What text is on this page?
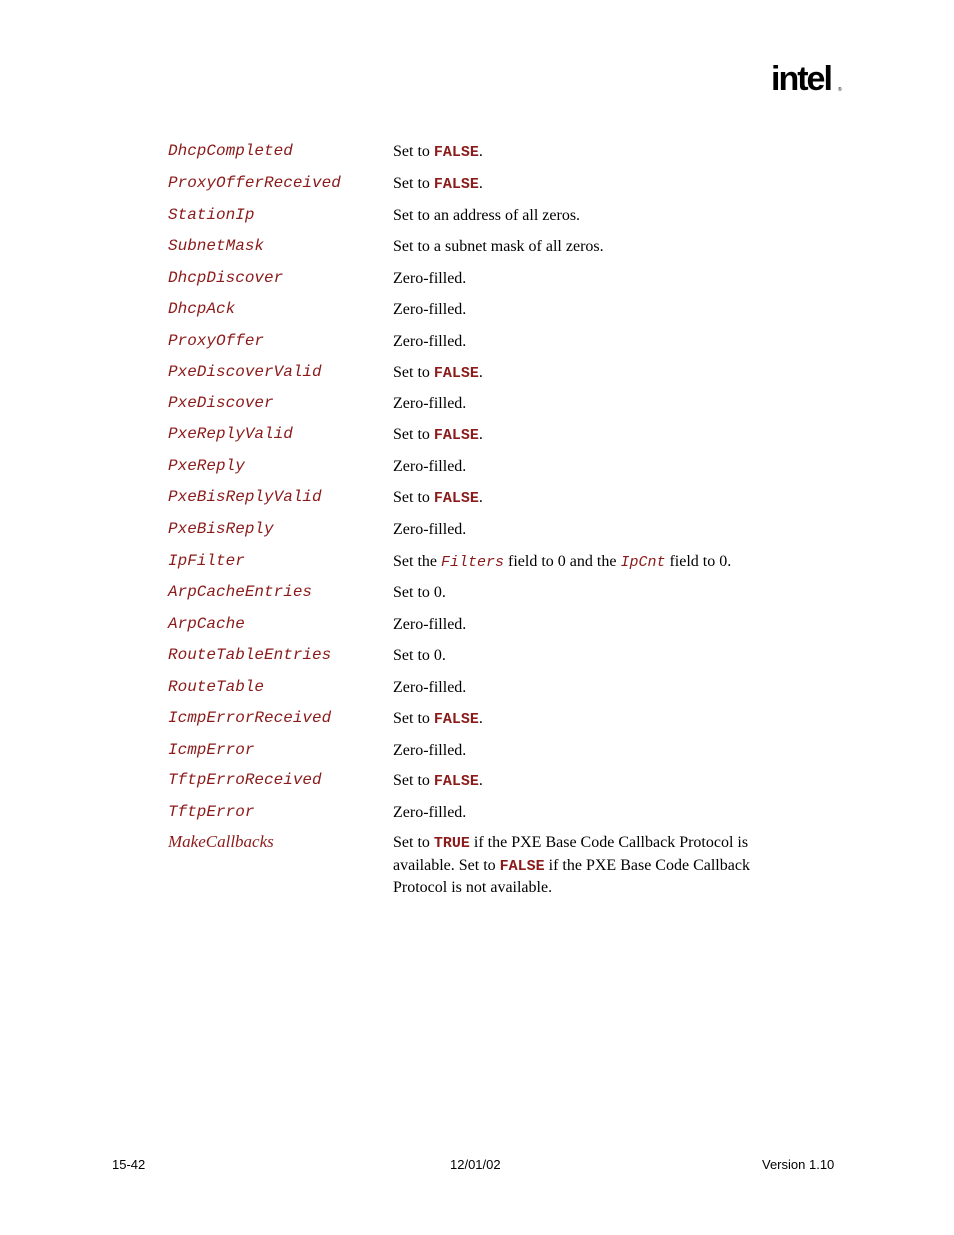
intel ®
DhcpCompleted	Set to FALSE.
ProxyOfferReceived	Set to FALSE.
StationIp	Set to an address of all zeros.
SubnetMask	Set to a subnet mask of all zeros.
DhcpDiscover	Zero-filled.
DhcpAck	Zero-filled.
ProxyOffer	Zero-filled.
PxeDiscoverValid	Set to FALSE.
PxeDiscover	Zero-filled.
PxeReplyValid	Set to FALSE.
PxeReply	Zero-filled.
PxeBisReplyValid	Set to FALSE.
PxeBisReply	Zero-filled.
IpFilter	Set the Filters field to 0 and the IpCnt field to 0.
ArpCacheEntries	Set to 0.
ArpCache	Zero-filled.
RouteTableEntries	Set to 0.
RouteTable	Zero-filled.
IcmpErrorReceived	Set to FALSE.
IcmpError	Zero-filled.
TftpErroReceived	Set to FALSE.
TftpError	Zero-filled.
MakeCallbacks	Set to TRUE if the PXE Base Code Callback Protocol is available. Set to FALSE if the PXE Base Code Callback Protocol is not available.
15-42	12/01/02	Version 1.10
